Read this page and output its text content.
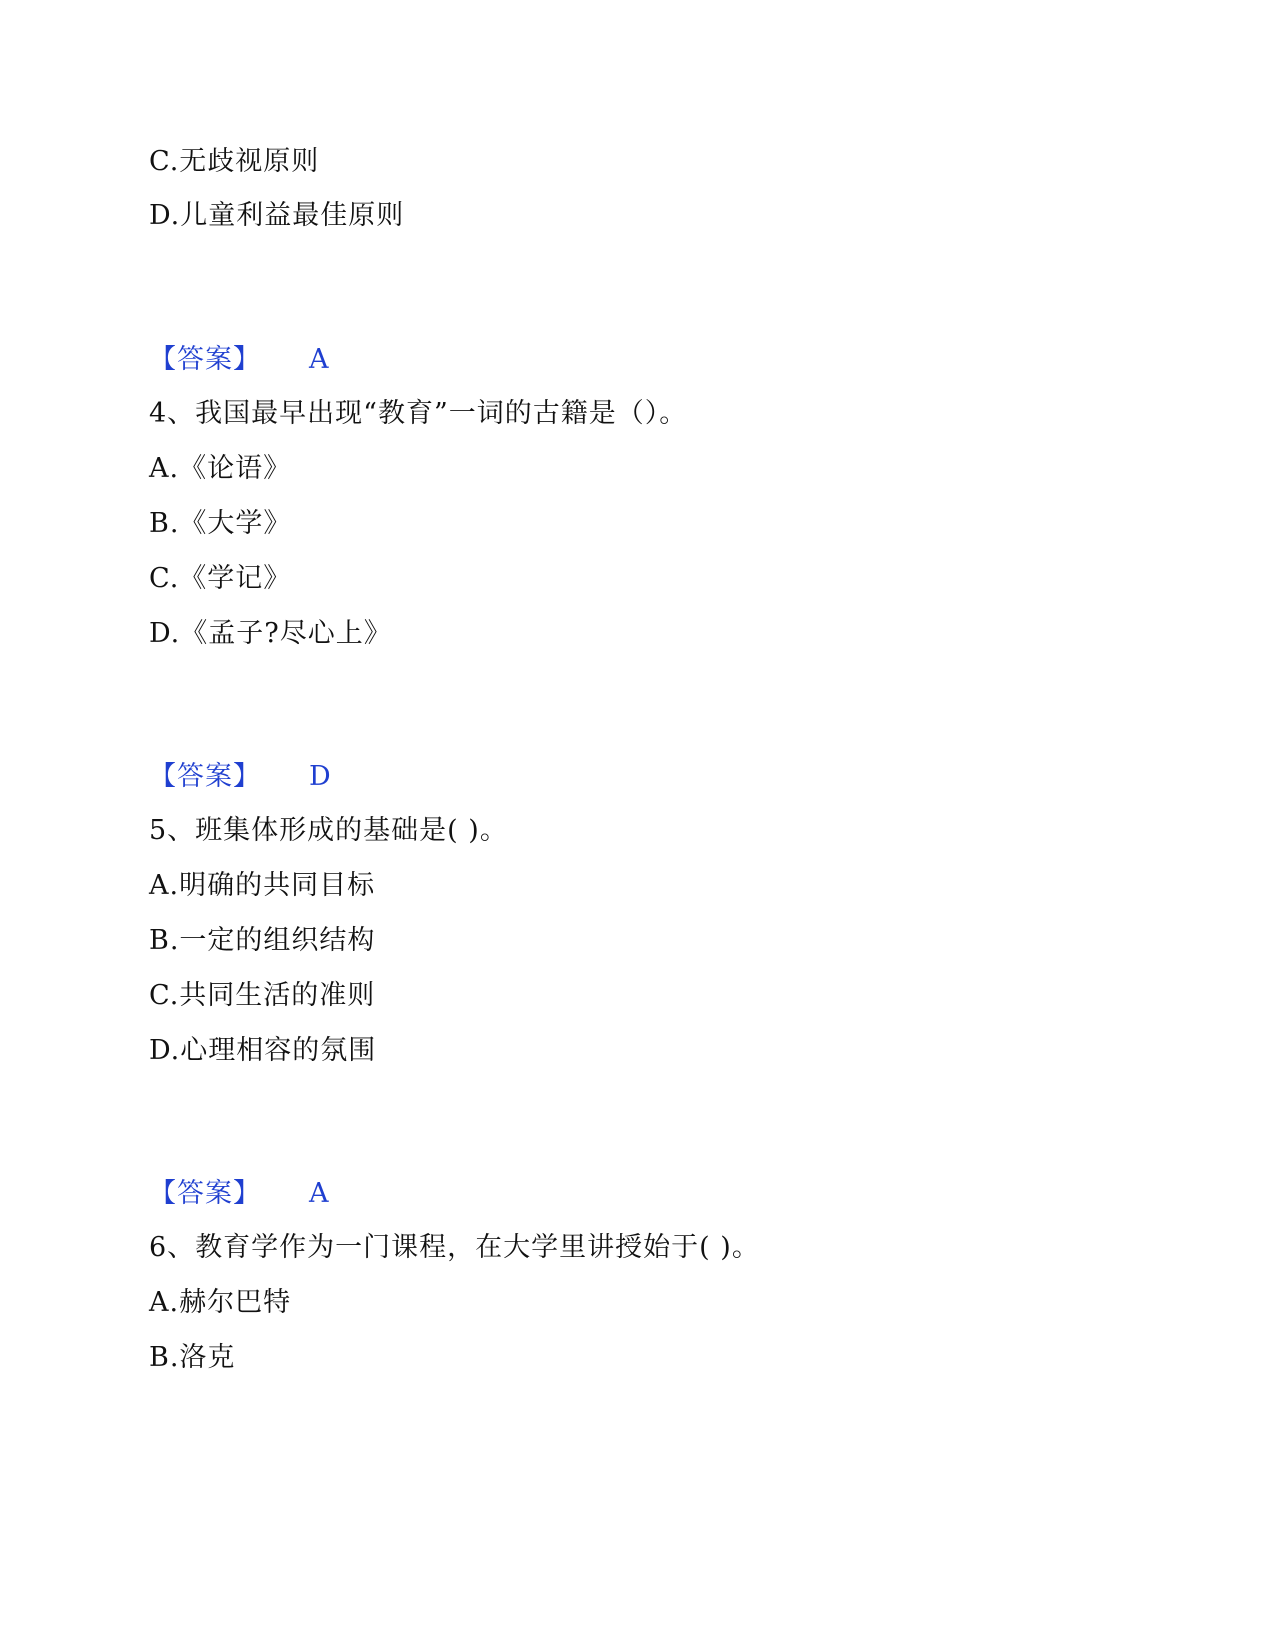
C.无歧视原则
D.儿童利益最佳原则
【答案】 A
4、我国最早出现“教育”一词的古籍是（）。
A.《论语》
B.《大学》
C.《学记》
D.《孟子?尽心上》
【答案】 D
5、班集体形成的基础是( )。
A.明确的共同目标
B.一定的组织结构
C.共同生活的准则
D.心理相容的氛围
【答案】 A
6、教育学作为一门课程，在大学里讲授始于( )。
A.赫尔巴特
B.洛克
